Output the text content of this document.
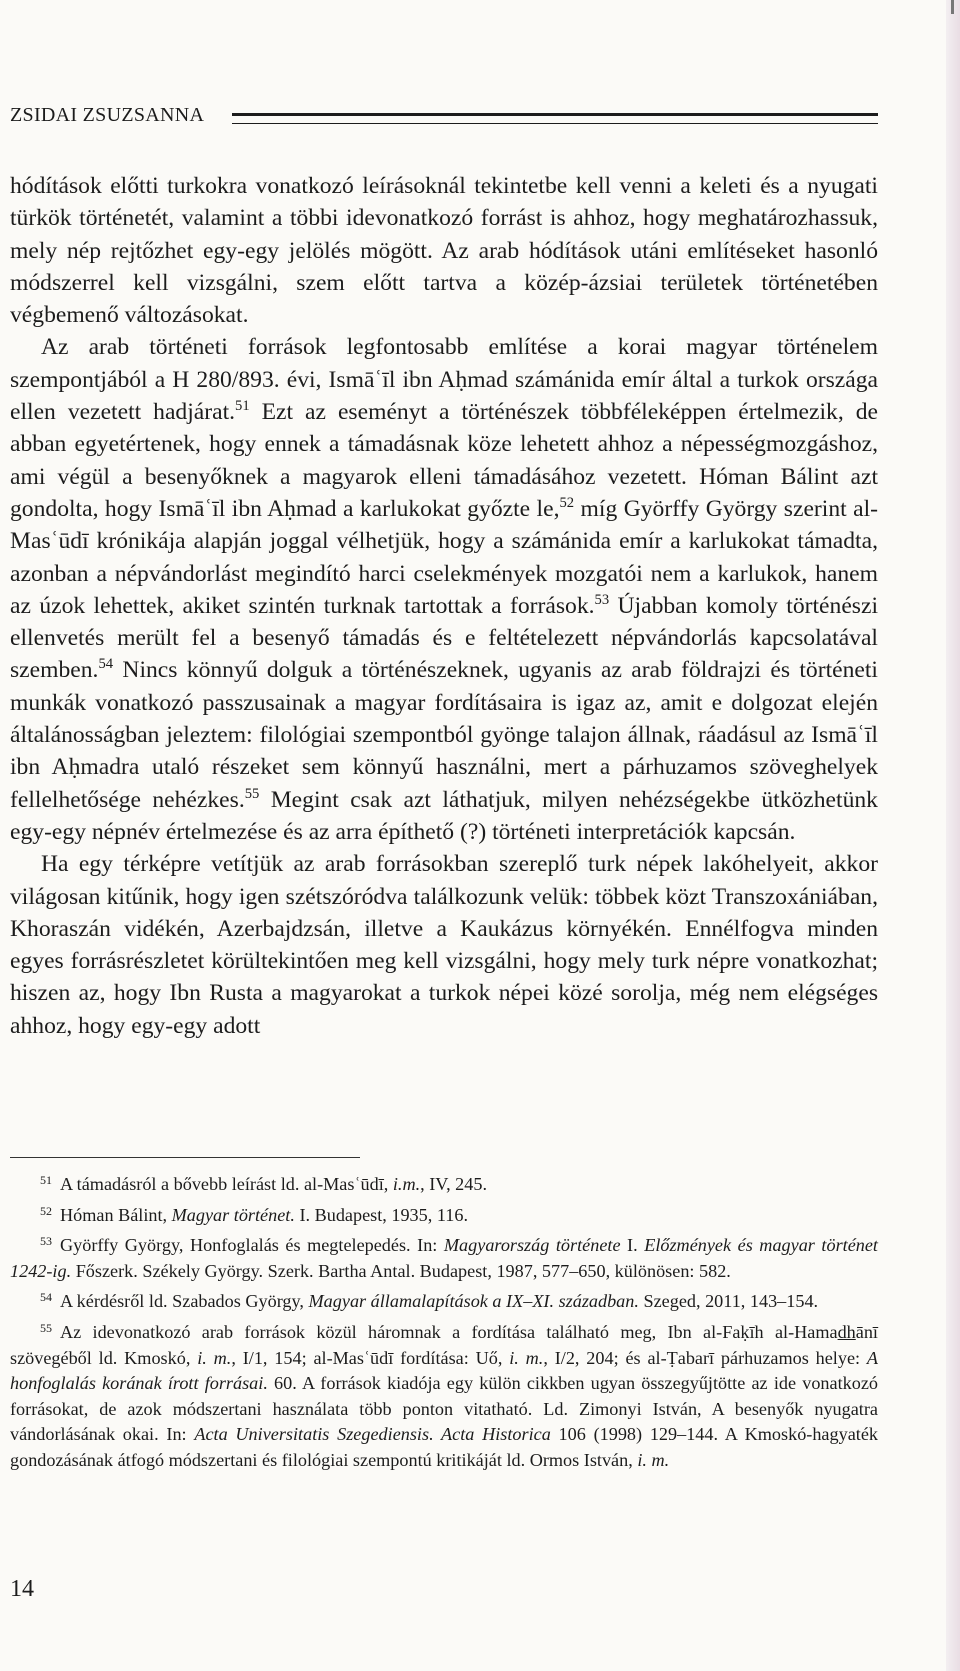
ZSIDAI ZSUZSANNA

hódítások előtti turkokra vonatkozó leírásoknál tekintetbe kell venni a keleti és a nyugati türkök történetét, valamint a többi idevonatkozó forrást is ahhoz, hogy meghatározhassuk, mely nép rejtőzhet egy-egy jelölés mögött. Az arab hódítások utáni említéseket hasonló módszerrel kell vizsgálni, szem előtt tartva a közép-ázsiai területek történetében végbemenő változásokat.

Az arab történeti források legfontosabb említése a korai magyar történelem szempontjából a H 280/893. évi, Ismāʿīl ibn Aḥmad számánida emír által a turkok országa ellen vezetett hadjárat.$^{51}$ Ezt az eseményt a történészek többféleképpen értelmezik, de abban egyetértenek, hogy ennek a támadásnak köze lehetett ahhoz a népességmozgáshoz, ami végül a besenyőknek a magyarok elleni támadásához vezetett. Hóman Bálint azt gondolta, hogy Ismāʿīl ibn Aḥmad a karlukokat győzte le,$^{52}$ míg Györffy György szerint al-Masʿūdī krónikája alapján joggal vélhetjük, hogy a számánida emír a karlukokat támadta, azonban a népvándorlást megindító harci cselekmények mozgatói nem a karlukok, hanem az úzok lehettek, akiket szintén turknak tartottak a források.$^{53}$ Újabban komoly történészi ellenvetés merült fel a besenyő támadás és e feltételezett népvándorlás kapcsolatával szemben.$^{54}$ Nincs könnyű dolguk a történészeknek, ugyanis az arab földrajzi és történeti munkák vonatkozó passzusainak a magyar fordításaira is igaz az, amit e dolgozat elején általánosságban jeleztem: filológiai szempontból gyönge talajon állnak, ráadásul az Ismāʿīl ibn Aḥmadra utaló részeket sem könnyű használni, mert a párhuzamos szöveghelyek fellelhetősége nehézkes.$^{55}$ Megint csak azt láthatjuk, milyen nehézségekbe ütközhetünk egy-egy népnév értelmezése és az arra építhető (?) történeti interpretációk kapcsán.

Ha egy térképre vetítjük az arab forrásokban szereplő turk népek lakóhelyeit, akkor világosan kitűnik, hogy igen szétszóródva találkozunk velük: többek közt Transzoxániában, Khoraszán vidékén, Azerbajdzsán, illetve a Kaukázus környékén. Ennélfogva minden egyes forrásrészletet körültekintően meg kell vizsgálni, hogy mely turk népre vonatkozhat; hiszen az, hogy Ibn Rusta a magyarokat a turkok népei közé sorolja, még nem elégséges ahhoz, hogy egy-egy adott

$^{51}$ A támadásról a bővebb leírást ld. al-Masʿūdī, i.m., IV, 245.

$^{52}$ Hóman Bálint, Magyar történet. I. Budapest, 1935, 116.

$^{53}$ Györffy György, Honfoglalás és megtelepedés. In: Magyarország története I. Előzmények és magyar történet 1242-ig. Főszerk. Székely György. Szerk. Bartha Antal. Budapest, 1987, 577–650, különösen: 582.

$^{54}$ A kérdésről ld. Szabados György, Magyar államalapítások a IX–XI. században. Szeged, 2011, 143–154.

$^{55}$ Az idevonatkozó arab források közül háromnak a fordítása található meg, Ibn al-Faḳīh al-Hamadhānī szövegéből ld. Kmoskó, i. m., I/1, 154; al-Masʿūdī fordítása: Uő, i. m., I/2, 204; és al-Ṭabarī párhuzamos helye: A honfoglalás korának írott forrásai. 60. A források kiadója egy külön cikkben ugyan összegyűjtötte az ide vonatkozó forrásokat, de azok módszertani használata több ponton vitatható. Ld. Zimonyi István, A besenyők nyugatra vándorlásának okai. In: Acta Universitatis Szegediensis. Acta Historica 106 (1998) 129–144. A Kmoskó-hagyaték gondozásának átfogó módszertani és filológiai szempontú kritikáját ld. Ormos István, i. m.

14
